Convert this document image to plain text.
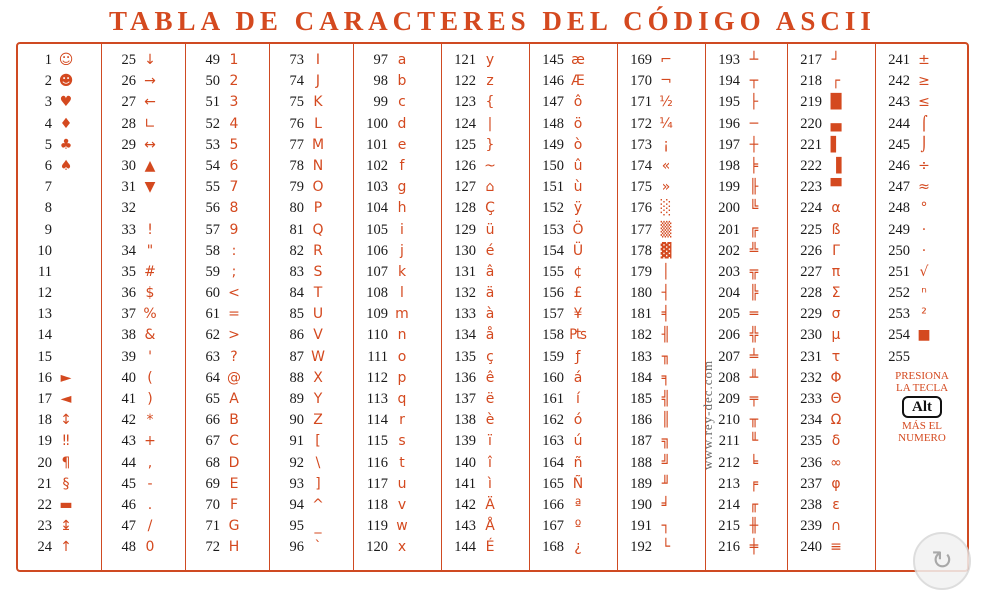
TABLA DE CARACTERES DEL CÓDIGO ASCII
1 ☺
2 ☻
3 ♥
4 ♦
5 ♣
6 ♠
7
8
9
10
11
12
13
14
15
16 ►
17 ◄
18 ↕
19 ‼
20 ¶
21 §
22 ▬
23 ↨
24 ↑
25 ↓
26 →
27 ←
28 ∟
29 ↔
30 ▲
31 ▼
32
33 !
34 "
35 #
36 $
37 %
38 &
39 '
40 (
41 )
42 *
43 +
44 ,
45 -
46 .
47 /
48 0
49 1
50 2
51 3
52 4
53 5
54 6
55 7
56 8
57 9
58 :
59 ;
60 <
61 =
62 >
63 ?
64 @
65 A
66 B
67 C
68 D
69 E
70 F
71 G
72 H
73 I
74 J
75 K
76 L
77 M
78 N
79 O
80 P
81 Q
82 R
83 S
84 T
85 U
86 V
87 W
88 X
89 Y
90 Z
91 [
92 \
93 ]
94 ^
95 _
96 `
97 a
98 b
99 c
100 d
101 e
102 f
103 g
104 h
105 i
106 j
107 k
108 l
109 m
110 n
111 o
112 p
113 q
114 r
115 s
116 t
117 u
118 v
119 w
120 x
121 y
122 z
123 {
124 |
125 }
126 ~
127 ⌂
128 Ç
129 ü
130 é
131 â
132 ä
133 à
134 å
135 ç
136 ê
137 ë
138 è
139 ï
140 î
141 ì
142 Ä
143 Å
144 É
145 æ
146 Æ
147 ô
148 ö
149 ò
150 û
151 ù
152 ÿ
153 Ö
154 Ü
155 ¢
156 £
157 ¥
158 ₧
159 ƒ
160 á
161 í
162 ó
163 ú
164 ñ
165 Ñ
166 ª
167 º
168 ¿
169 ⌐
170 ¬
171 ½
172 ¼
173 ¡
174 «
175 »
176 ░
177 ▒
178 ▓
179 │
180 ┤
181 ╡
182 ╢
183 ╖
184 ╕
185 ╣
186 ║
187 ╗
188 ╝
189 ╜
190 ╛
191 ┐
192 └
193 ┴
194 ┬
195 ├
196 ─
197 ┼
198 ╞
199 ╟
200 ╚
201 ╔
202 ╩
203 ╦
204 ╠
205 ═
206 ╬
207 ╧
208 ╨
209 ╤
210 ╥
211 ╙
212 ╘
213 ╒
214 ╓
215 ╫
216 ╪
217 ┘
218 ┌
219 █
220 ▄
221 ▌
222 ▐
223 ▀
224 α
225 ß
226 Γ
227 π
228 Σ
229 σ
230 µ
231 τ
232 Φ
233 Θ
234 Ω
235 δ
236 ∞
237 φ
238 ε
239 ∩
240 ≡
241 ±
242 ≥
243 ≤
244 ⌠
245 ⌡
246 ÷
247 ≈
248 °
249 ·
250 ·
251 √
252 ⁿ
253 ²
254 ■
255
PRESIONA
LA TECLA
Alt
MÁS EL
NUMERO
www.rey-dec.com
↻
